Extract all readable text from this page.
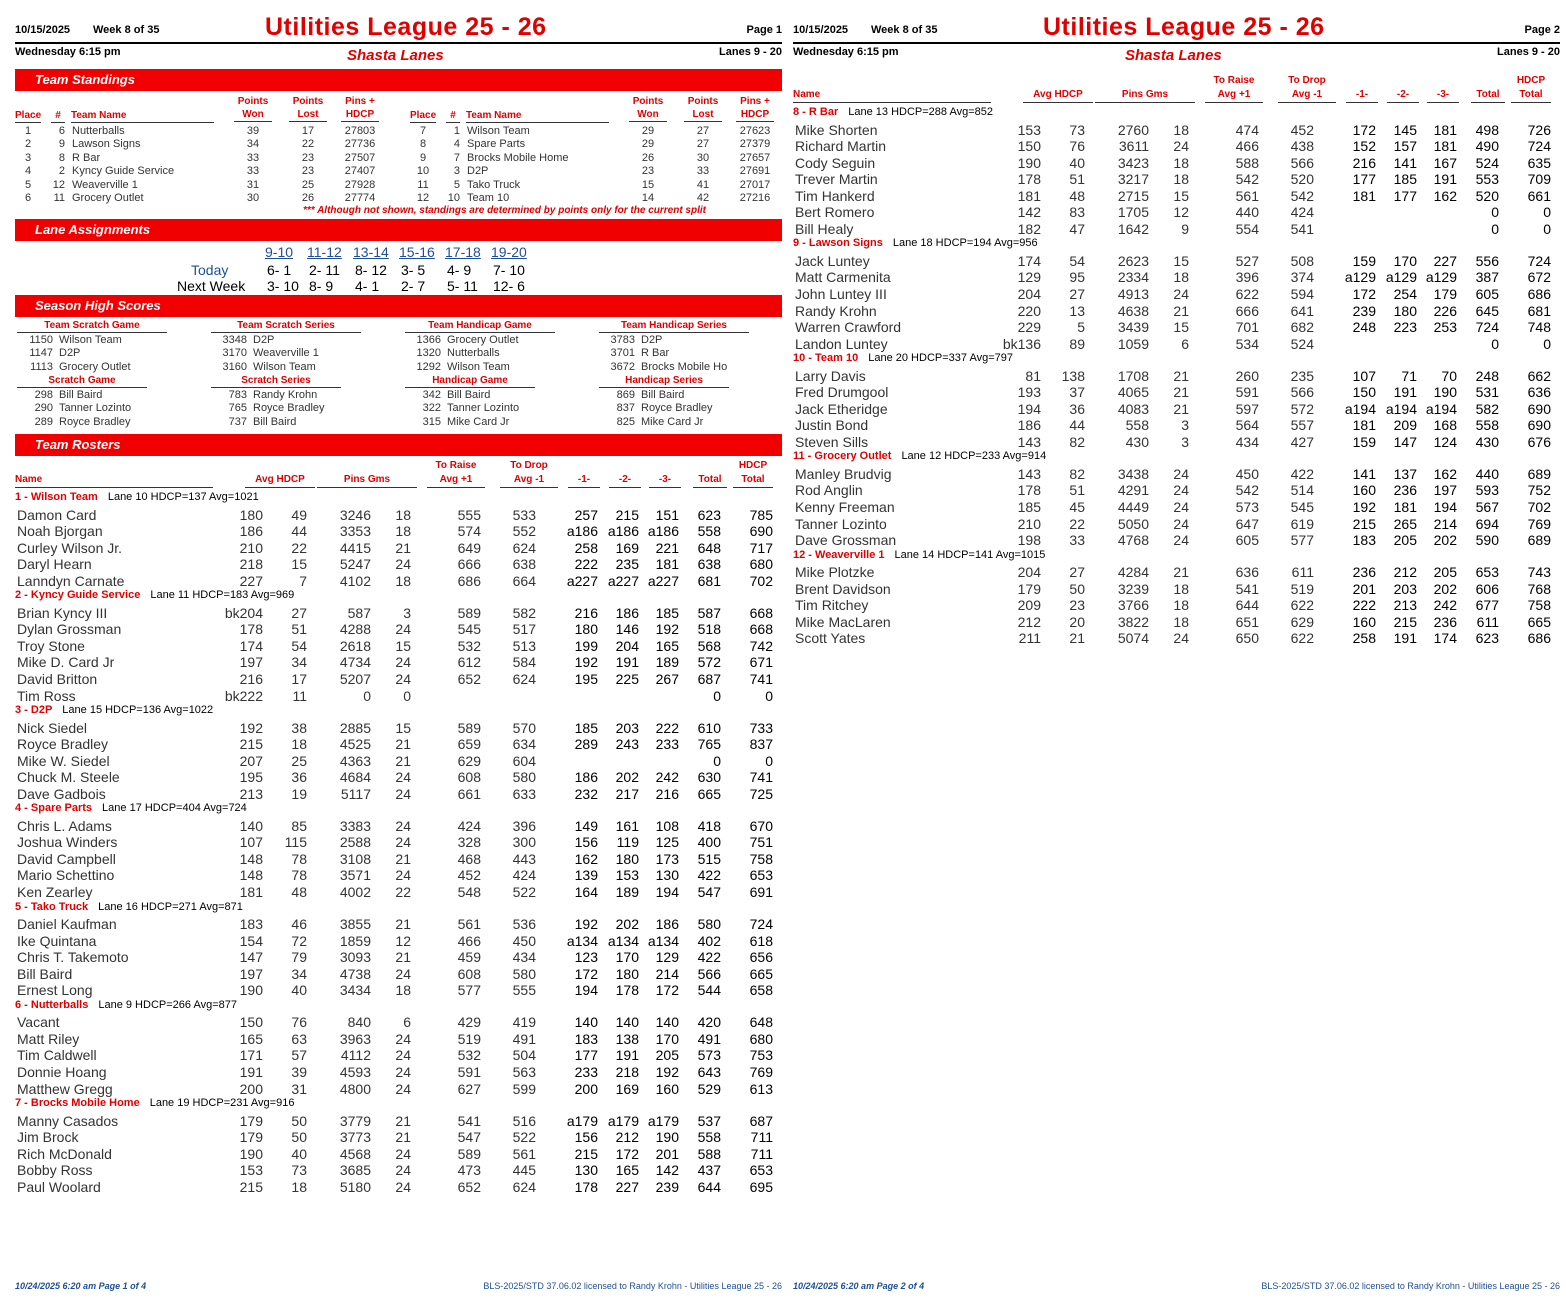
10/15/2025 Week 8 of 35	Utilities League 25 - 26	Page 1
Wednesday 6:15 pm	Shasta Lanes	Lanes 9 - 20
Team Standings
Place	#	Team Name
Points Won
Points Lost
Pins + HDCP	Place	#	Team Name
Points Won
Points Lost
Pins + HDCP
1	6 Nutterballs	39	17	27803
2	9 Lawson Signs	34	22	27736
3	8 R Bar	33	23	27507
4	2 Kyncy Guide Service	33	23	27407
5	12 Weaverville 1	31	25	27928
6	11 Grocery Outlet	30	26	27774
7	1 Wilson Team	29	27	27623
8	4 Spare Parts	29	27	27379
9	7 Brocks Mobile Home	26	30	27657
10	3 D2P	23	33	27691
11	5 Tako Truck	15	41	27017
12	10 Team 10	14	42	27216
*** Although not shown, standings are determined by points only for the current split
Lane Assignments
9-10 11-12 13-14 15-16 17-18 19-20
Today
Next Week
6- 1 2- 11 8- 12 3- 5 4- 9 7- 10
3- 10 8- 9 4- 1 2- 7 5- 11 12- 6
Season High Scores
Team Scratch Game
1150 Wilson Team
1147 D2P
1113 Grocery Outlet
Team Scratch Series
3348 D2P
3170 Weaverville 1
3160 Wilson Team
Team Handicap Game
1366 Grocery Outlet
1320 Nutterballs
1292 Wilson Team
Team Handicap Series
3783 D2P
3701 R Bar
3672 Brocks Mobile Ho
Scratch Game
298 Bill Baird
290 Tanner Lozinto
289 Royce Bradley
Scratch Series
783 Randy Krohn
765 Royce Bradley
737 Bill Baird
Handicap Game
342 Bill Baird
322 Tanner Lozinto
315 Mike Card Jr
Handicap Series
869 Bill Baird
837 Royce Bradley
825 Mike Card Jr
Team Rosters
Name	Avg HDCP	Pins Gms
To Raise Avg +1
To Drop Avg -1	-1-	-2-	-3-	Total
HDCP Total
1 - Wilson Team Lane 10 HDCP=137 Avg=1021
Damon Card	180 49 3246 18	555 533	257 215 151 623 785
Noah Bjorgan	186 44 3353 18	574 552 a186 a186 a186 558 690
Curley Wilson Jr.	210 22 4415 21	649 624	258 169 221 648 717
Daryl Hearn	218 15 5247 24	666 638	222 235 181 638 680
Lanndyn Carnate	227	7 4102 18	686 664 a227 a227 a227 681 702
2 - Kyncy Guide Service Lane 11 HDCP=183 Avg=969
Brian Kyncy III	bk204 27	587 3	589 582	216 186 185 587 668
Dylan Grossman	178 51 4288 24	545 517	180 146 192 518 668
Troy Stone	174 54 2618 15	532 513	199 204 165 568 742
Mike D. Card Jr	197 34 4734 24	612 584	192 191 189 572 671
David Britton	216 17 5207 24	652 624	195 225 267 687 741
Tim Ross	bk222 11	0 0	0	0
3 - D2P Lane 15 HDCP=136 Avg=1022
Nick Siedel	192 38 2885 15	589 570	185 203 222 610 733
Royce Bradley	215 18 4525 21	659 634	289 243 233 765 837
Mike W. Siedel	207 25 4363 21	629 604	0	0
Chuck M. Steele	195 36 4684 24	608 580	186 202 242 630 741
Dave Gadbois	213 19 5117 24	661 633	232 217 216 665 725
4 - Spare Parts Lane 17 HDCP=404 Avg=724
Chris L. Adams	140 85 3383 24	424 396	149 161 108 418 670
Joshua Winders	107 115 2588 24	328 300	156 119 125 400 751
David Campbell	148 78 3108 21	468 443	162 180 173 515 758
Mario Schettino	148 78 3571 24	452 424	139 153 130 422 653
Ken Zearley	181 48 4002 22	548 522	164 189 194 547 691
5 - Tako Truck Lane 16 HDCP=271 Avg=871
Daniel Kaufman	183 46 3855 21	561 536	192 202 186 580 724
Ike Quintana	154 72 1859 12	466 450 a134 a134 a134 402 618
Chris T. Takemoto	147 79 3093 21	459 434	123 170 129 422 656
Bill Baird	197 34 4738 24	608 580	172 180 214 566 665
Ernest Long	190 40 3434 18	577 555	194 178 172 544 658
6 - Nutterballs Lane 9 HDCP=266 Avg=877
Vacant	150 76	840 6	429 419	140 140 140 420 648
Matt Riley	165 63 3963 24	519 491	183 138 170 491 680
Tim Caldwell	171 57 4112 24	532 504	177 191 205 573 753
Donnie Hoang	191 39 4593 24	591 563	233 218 192 643 769
Matthew Gregg	200 31 4800 24	627 599	200 169 160 529 613
7 - Brocks Mobile Home Lane 19 HDCP=231 Avg=916
Manny Casados	179 50 3779 21	541 516 a179 a179 a179 537 687
Jim Brock	179 50 3773 21	547 522	156 212 190 558 711
Rich McDonald	190 40 4568 24	589 561	215 172 201 588 711
Bobby Ross	153 73 3685 24	473 445	130 165 142 437 653
Paul Woolard	215 18 5180 24	652 624	178 227 239 644 695
10/24/2025 6:20 am Page 1 of 4	BLS-2025/STD 37.06.02 licensed to Randy Krohn - Utilities League 25 - 26
10/15/2025 Week 8 of 35	Utilities League 25 - 26	Page 2
Wednesday 6:15 pm	Shasta Lanes	Lanes 9 - 20
Name	Avg HDCP	Pins Gms
To Raise Avg +1
To Drop Avg -1	-1-	-2-	-3-	Total
HDCP Total
8 - R Bar Lane 13 HDCP=288 Avg=852
Mike Shorten	153 73 2760 18	474 452	172 145 181 498 726
Richard Martin	150 76 3611 24	466 438	152 157 181 490 724
Cody Seguin	190 40 3423 18	588 566	216 141 167 524 635
Trever Martin	178 51 3217 18	542 520	177 185 191 553 709
Tim Hankerd	181 48 2715 15	561 542	181 177 162 520 661
Bert Romero	142 83 1705 12	440 424	0	0
Bill Healy	182 47 1642 9	554 541	0	0
9 - Lawson Signs Lane 18 HDCP=194 Avg=956
Jack Luntey	174 54 2623 15	527 508	159 170 227 556 724
Matt Carmenita	129 95 2334 18	396 374 a129 a129 a129 387 672
John Luntey III	204 27 4913 24	622 594	172 254 179 605 686
Randy Krohn	220 13 4638 21	666 641	239 180 226 645 681
Warren Crawford	229	5 3439 15	701 682	248 223 253 724 748
Landon Luntey	bk136 89 1059 6	534 524	0	0
10 - Team 10 Lane 20 HDCP=337 Avg=797
Larry Davis	81 138 1708 21	260 235	107 71 70 248 662
Fred Drumgool	193 37 4065 21	591 566	150 191 190 531 636
Jack Etheridge	194 36 4083 21	597 572 a194 a194 a194 582 690
Justin Bond	186 44	558 3	564 557	181 209 168 558 690
Steven Sills	143 82	430 3	434 427	159 147 124 430 676
11 - Grocery Outlet Lane 12 HDCP=233 Avg=914
Manley Brudvig	143 82 3438 24	450 422	141 137 162 440 689
Rod Anglin	178 51 4291 24	542 514	160 236 197 593 752
Kenny Freeman	185 45 4449 24	573 545	192 181 194 567 702
Tanner Lozinto	210 22 5050 24	647 619	215 265 214 694 769
Dave Grossman	198 33 4768 24	605 577	183 205 202 590 689
12 - Weaverville 1 Lane 14 HDCP=141 Avg=1015
Mike Plotzke	204 27 4284 21	636 611	236 212 205 653 743
Brent Davidson	179 50 3239 18	541 519	201 203 202 606 768
Tim Ritchey	209 23 3766 18	644 622	222 213 242 677 758
Mike MacLaren	212 20 3822 18	651 629	160 215 236 611 665
Scott Yates	211 21 5074 24	650 622	258 191 174 623 686
10/24/2025 6:20 am Page 2 of 4	BLS-2025/STD 37.06.02 licensed to Randy Krohn - Utilities League 25 - 26
